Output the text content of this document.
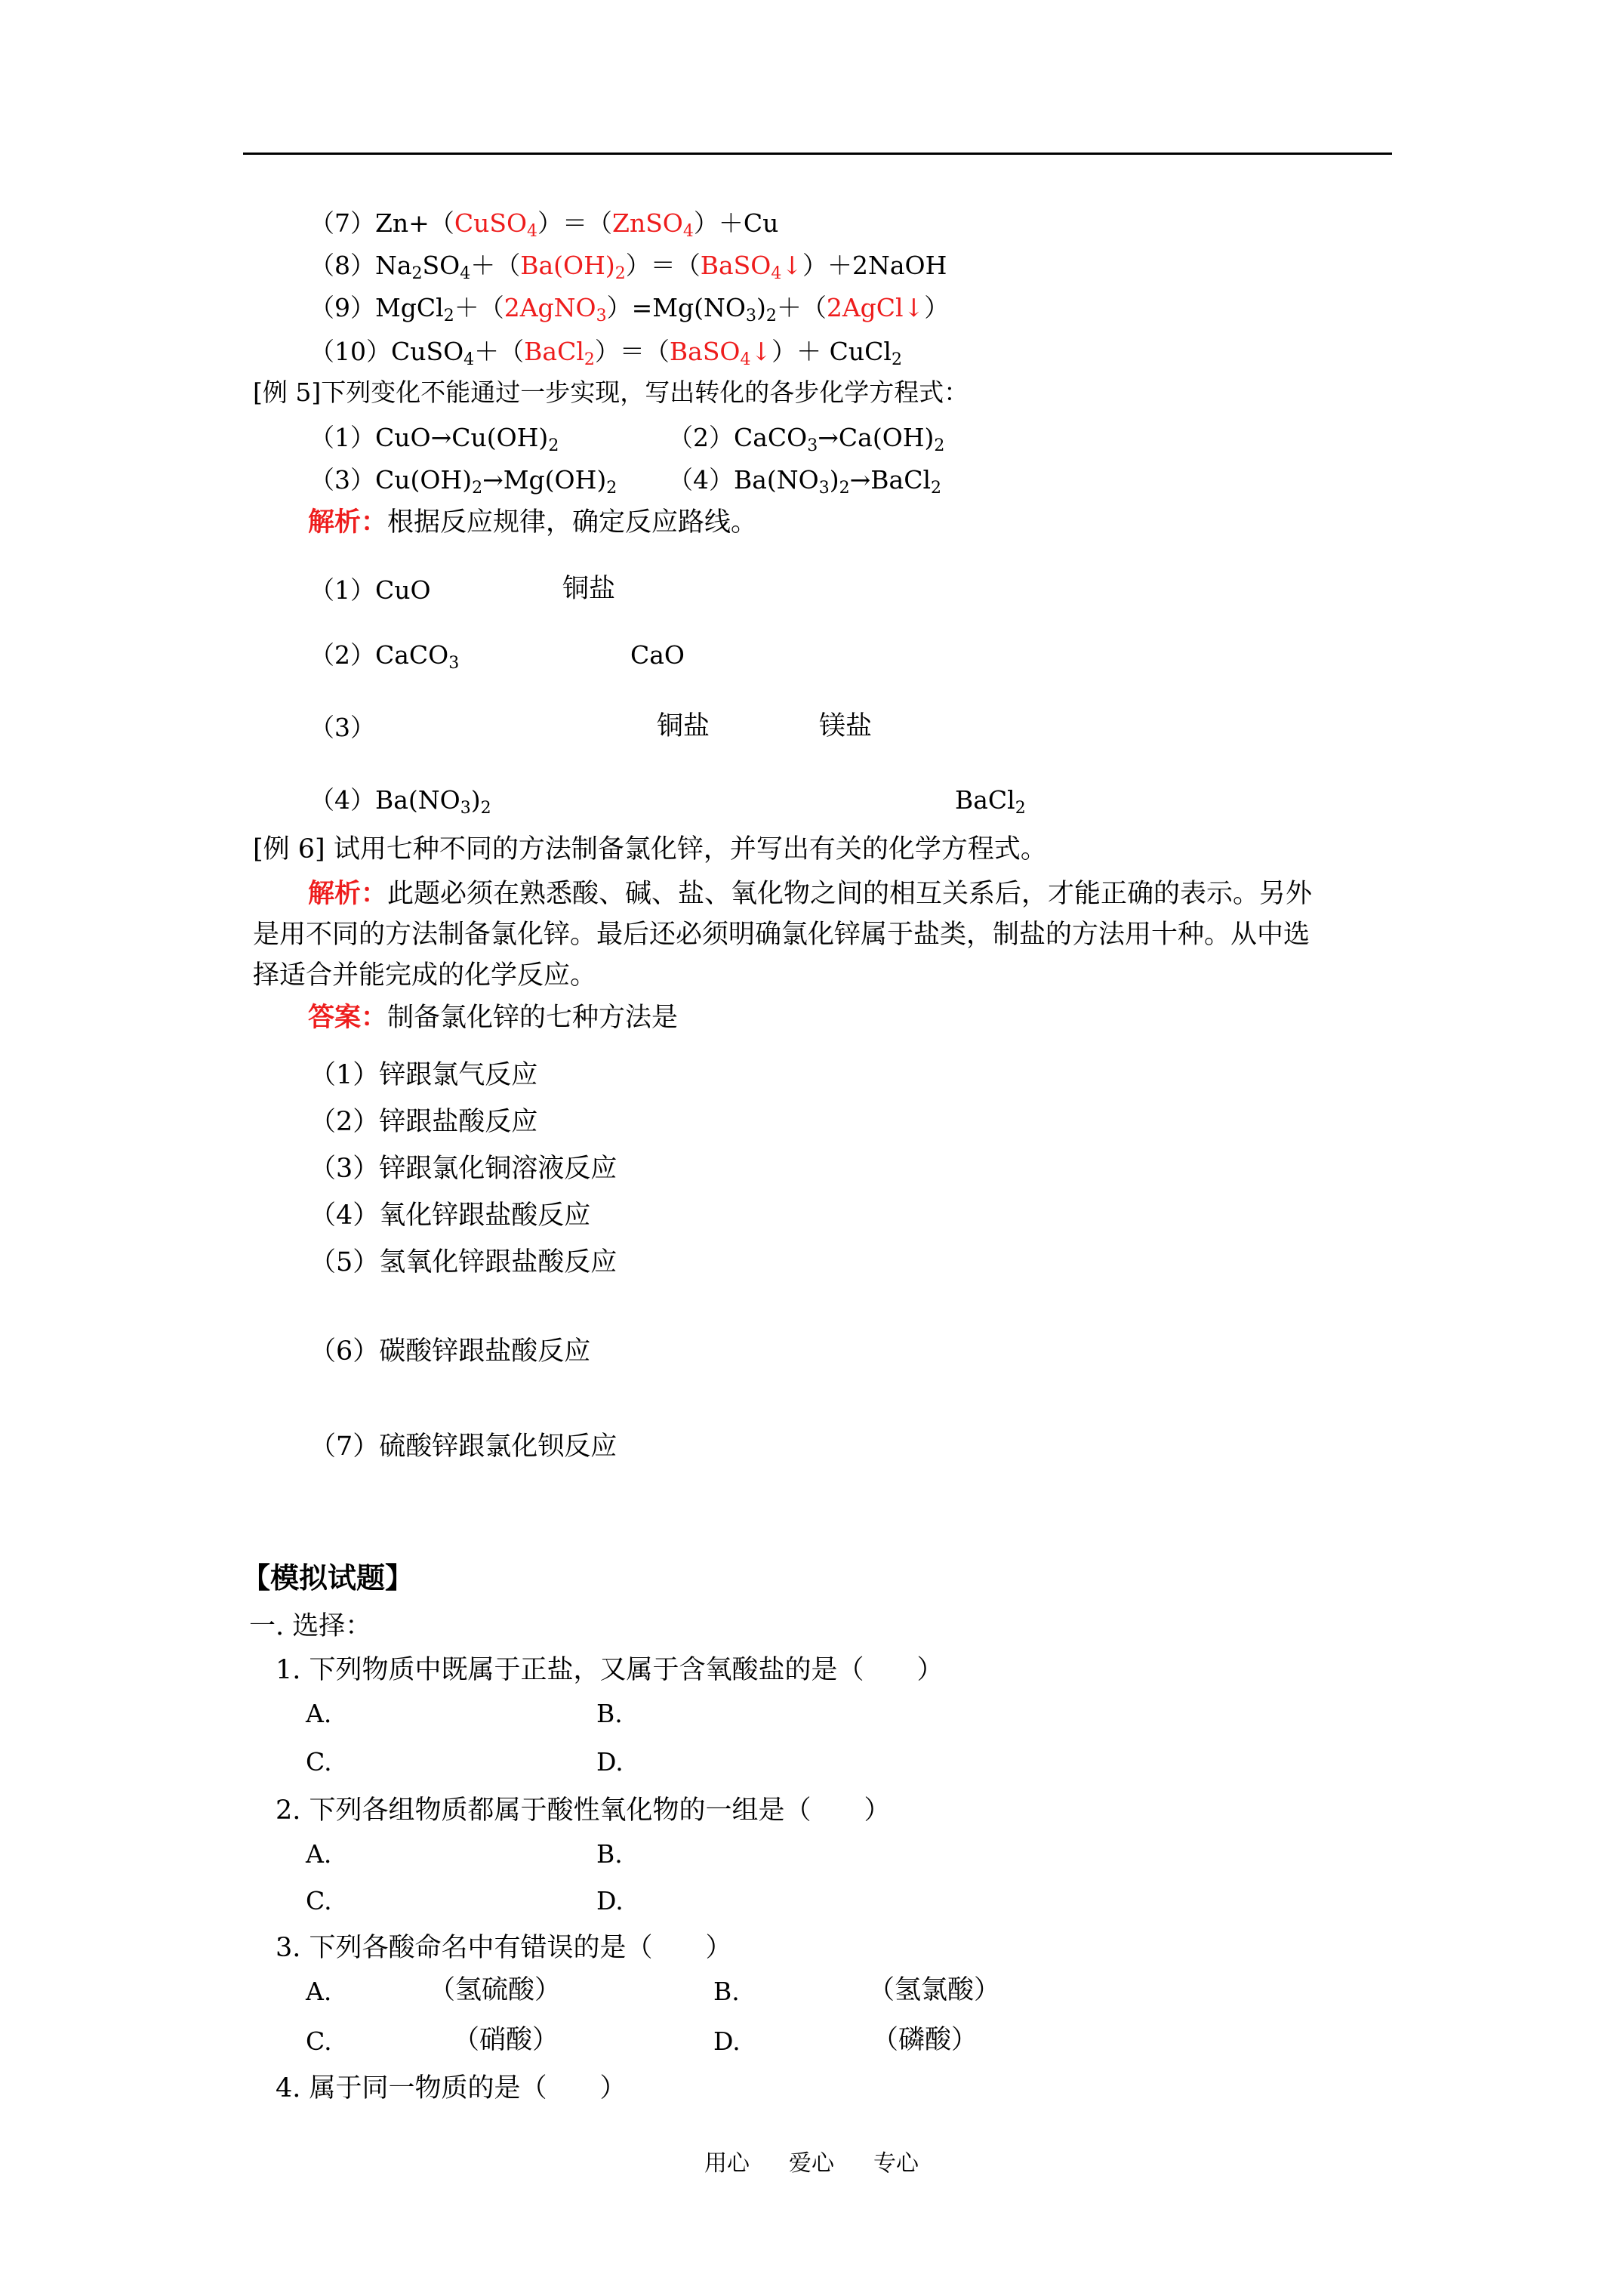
（7）Zn+（CuSO$_4$）＝（ZnSO$_4$）＋Cu
$(8)Na_2SO_4+(Ba(OH)_2)=(BaSO_4↓)+2NaOH$
$(9)MgCl_2+(2AgNO_3)=Mg(NO_3)_2+(2AgCl↓)$
（10）CuSO$_4$＋（BaCl$_2$）＝（BaSO$_4$↓）＋ CuCl$_2$
[例 5]下列变化不能通过一步实现，写出转化的各步化学方程式：
$(1)CuO\to Cu(OH)_2$	$(2)CaCO_3\to Ca(OH)_2$
$(3)Cu(OH)_2\to Mg(OH)_2$ $(4)Ba(NO_3)_2\to BaCl_2$
解析：根据反应规律，确定反应路线。
（1）CuO	铜盐
（2）CaCO$_3$	CaO
（3）	铜盐	镁盐
$(4)Ba(NO_3)_2$	BaCl$_2$
[例 6] 试用七种不同的方法制备氯化锌，并写出有关的化学方程式。
解析：此题必须在熟悉酸、碱、盐、氧化物之间的相互关系后，才能正确的表示。另外
是用不同的方法制备氯化锌。最后还必须明确氯化锌属于盐类，制盐的方法用十种。从中选
择适合并能完成的化学反应。
答案：制备氯化锌的七种方法是
（1）锌跟氯气反应
（2）锌跟盐酸反应
（3）锌跟氯化铜溶液反应
（4）氧化锌跟盐酸反应
（5）氢氧化锌跟盐酸反应
（6）碳酸锌跟盐酸反应
（7）硫酸锌跟氯化钡反应
【模拟试题】
一. 选择：
1. 下列物质中既属于正盐，又属于含氧酸盐的是（　　）
A.	B.
C.	D.
2. 下列各组物质都属于酸性氧化物的一组是（　　）
A.	B.
C.	D.
3. 下列各酸命名中有错误的是（　　）
A.	（氢硫酸）	B.	（氢氯酸）
C.	（硝酸）	D.	（磷酸）
4. 属于同一物质的是（　　）
用心 爱心 专心
